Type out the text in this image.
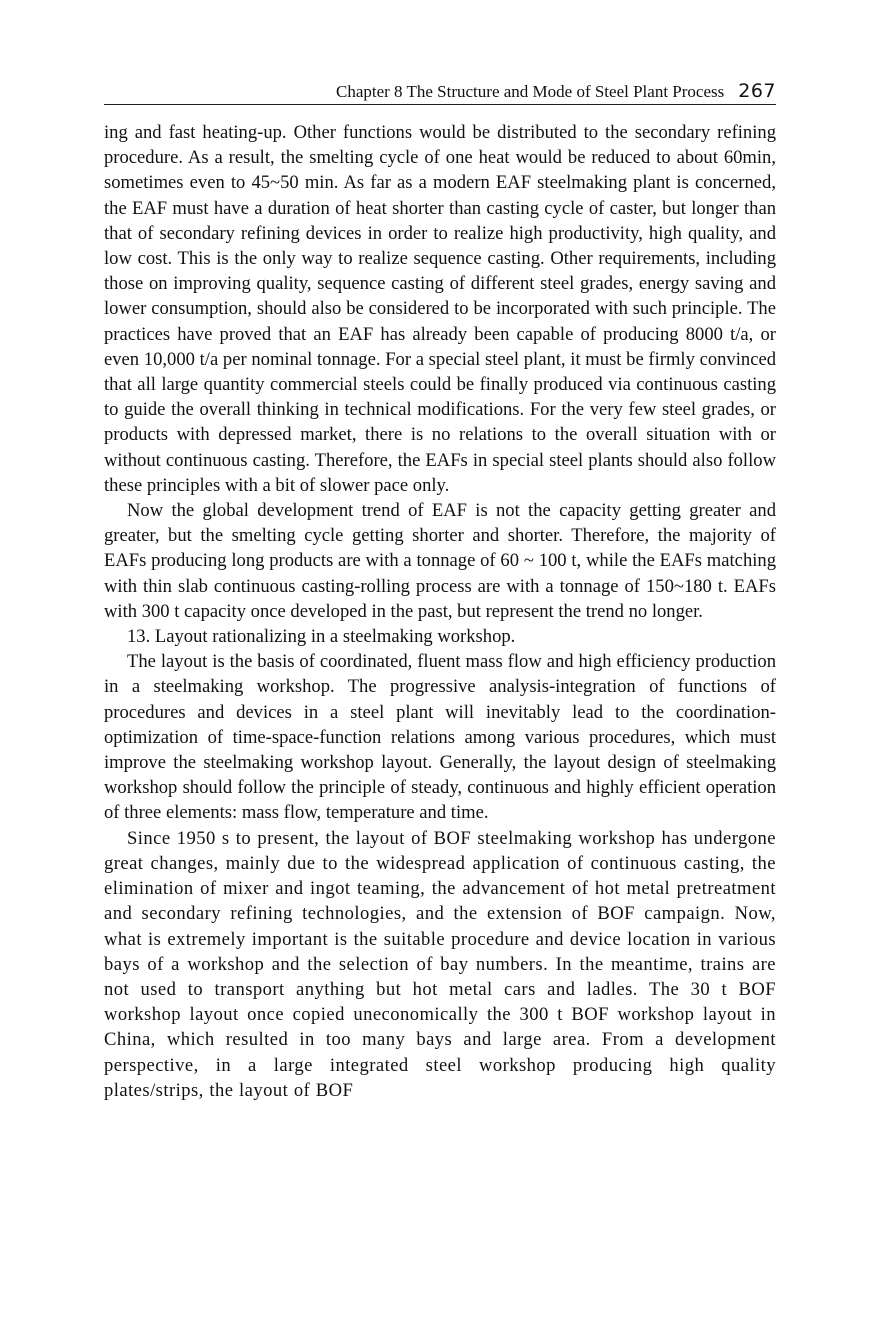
Chapter 8 The Structure and Mode of Steel Plant Process 267

ing and fast heating-up. Other functions would be distributed to the secondary refining procedure. As a result, the smelting cycle of one heat would be reduced to about 60min, sometimes even to 45~50 min. As far as a modern EAF steelmaking plant is concerned, the EAF must have a duration of heat shorter than casting cycle of caster, but longer than that of secondary refining devices in order to realize high productivity, high quality, and low cost. This is the only way to realize sequence casting. Other requirements, including those on improving quality, sequence casting of different steel grades, energy saving and lower consumption, should also be considered to be incorporated with such principle. The practices have proved that an EAF has already been capable of producing 8000 t/a, or even 10,000 t/a per nominal tonnage. For a special steel plant, it must be firmly convinced that all large quantity commercial steels could be finally produced via continuous casting to guide the overall thinking in technical modifications. For the very few steel grades, or products with depressed market, there is no relations to the overall situation with or without continuous casting. Therefore, the EAFs in special steel plants should also follow these principles with a bit of slower pace only.

Now the global development trend of EAF is not the capacity getting greater and greater, but the smelting cycle getting shorter and shorter. Therefore, the majority of EAFs producing long products are with a tonnage of 60 ~ 100 t, while the EAFs matching with thin slab continuous casting-rolling process are with a tonnage of 150~180 t. EAFs with 300 t capacity once developed in the past, but represent the trend no longer.

13. Layout rationalizing in a steelmaking workshop.

The layout is the basis of coordinated, fluent mass flow and high efficiency production in a steelmaking workshop. The progressive analysis-integration of functions of procedures and devices in a steel plant will inevitably lead to the coordination-optimization of time-space-function relations among various procedures, which must improve the steelmaking workshop layout. Generally, the layout design of steelmaking workshop should follow the principle of steady, continuous and highly efficient operation of three elements: mass flow, temperature and time.

Since 1950 s to present, the layout of BOF steelmaking workshop has undergone great changes, mainly due to the widespread application of continuous casting, the elimination of mixer and ingot teaming, the advancement of hot metal pretreatment and secondary refining technologies, and the extension of BOF campaign. Now, what is extremely important is the suitable procedure and device location in various bays of a workshop and the selection of bay numbers. In the meantime, trains are not used to transport anything but hot metal cars and ladles. The 30 t BOF workshop layout once copied uneconomically the 300 t BOF workshop layout in China, which resulted in too many bays and large area. From a development perspective, in a large integrated steel workshop producing high quality plates/strips, the layout of BOF
